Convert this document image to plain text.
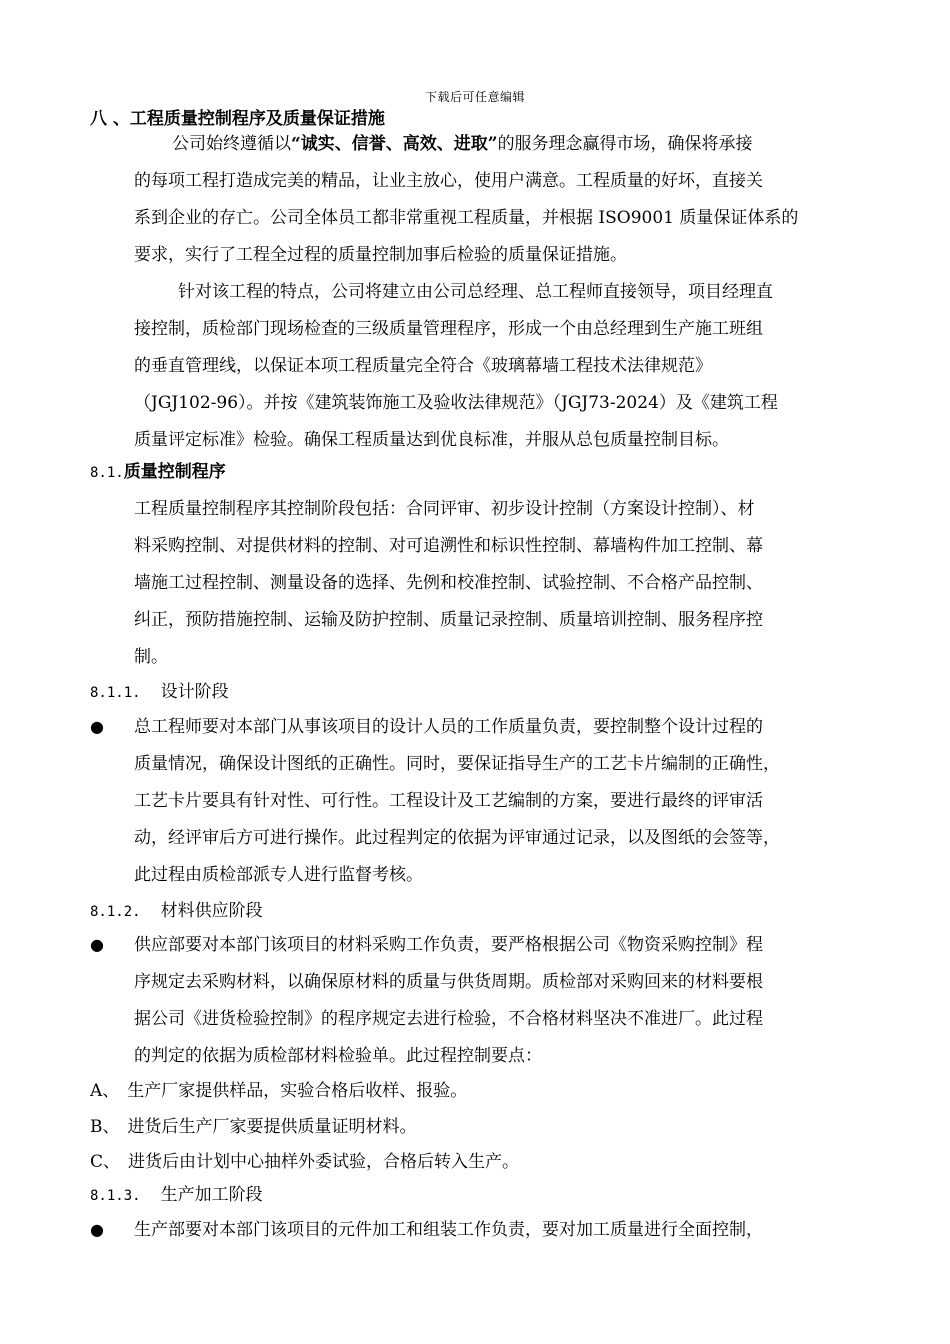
下载后可任意编辑
八 、工程质量控制程序及质量保证措施
公司始终遵循以“诚实、信誉、高效、进取”的服务理念赢得市场，确保将承接
的每项工程打造成完美的精品，让业主放心，使用户满意。工程质量的好坏，直接关
系到企业的存亡。公司全体员工都非常重视工程质量，并根据 ISO9001 质量保证体系的
要求，实行了工程全过程的质量控制加事后检验的质量保证措施。
针对该工程的特点，公司将建立由公司总经理、总工程师直接领导，项目经理直
接控制，质检部门现场检查的三级质量管理程序，形成一个由总经理到生产施工班组
的垂直管理线，以保证本项工程质量完全符合《玻璃幕墙工程技术法律规范》
（JGJ102-96）。并按《建筑装饰施工及验收法律规范》（JGJ73-2024）及《建筑工程
质量评定标准》检验。确保工程质量达到优良标准，并服从总包质量控制目标。
8.1.质量控制程序
工程质量控制程序其控制阶段包括：合同评审、初步设计控制（方案设计控制）、材
料采购控制、对提供材料的控制、对可追溯性和标识性控制、幕墙构件加工控制、幕
墙施工过程控制、测量设备的选择、先例和校准控制、试验控制、不合格产品控制、
纠正，预防措施控制、运输及防护控制、质量记录控制、质量培训控制、服务程序控
制。
8.1.1. 设计阶段
● 总工程师要对本部门从事该项目的设计人员的工作质量负责，要控制整个设计过程的
质量情况，确保设计图纸的正确性。同时，要保证指导生产的工艺卡片编制的正确性，
工艺卡片要具有针对性、可行性。工程设计及工艺编制的方案，要进行最终的评审活
动，经评审后方可进行操作。此过程判定的依据为评审通过记录，以及图纸的会签等，
此过程由质检部派专人进行监督考核。
8.1.2. 材料供应阶段
● 供应部要对本部门该项目的材料采购工作负责，要严格根据公司《物资采购控制》程
序规定去采购材料，以确保原材料的质量与供货周期。质检部对采购回来的材料要根
据公司《进货检验控制》的程序规定去进行检验，不合格材料坚决不准进厂。此过程
的判定的依据为质检部材料检验单。此过程控制要点：
A、 生产厂家提供样品，实验合格后收样、报验。
B、 进货后生产厂家要提供质量证明材料。
C、 进货后由计划中心抽样外委试验，合格后转入生产。
8.1.3. 生产加工阶段
● 生产部要对本部门该项目的元件加工和组装工作负责，要对加工质量进行全面控制，
